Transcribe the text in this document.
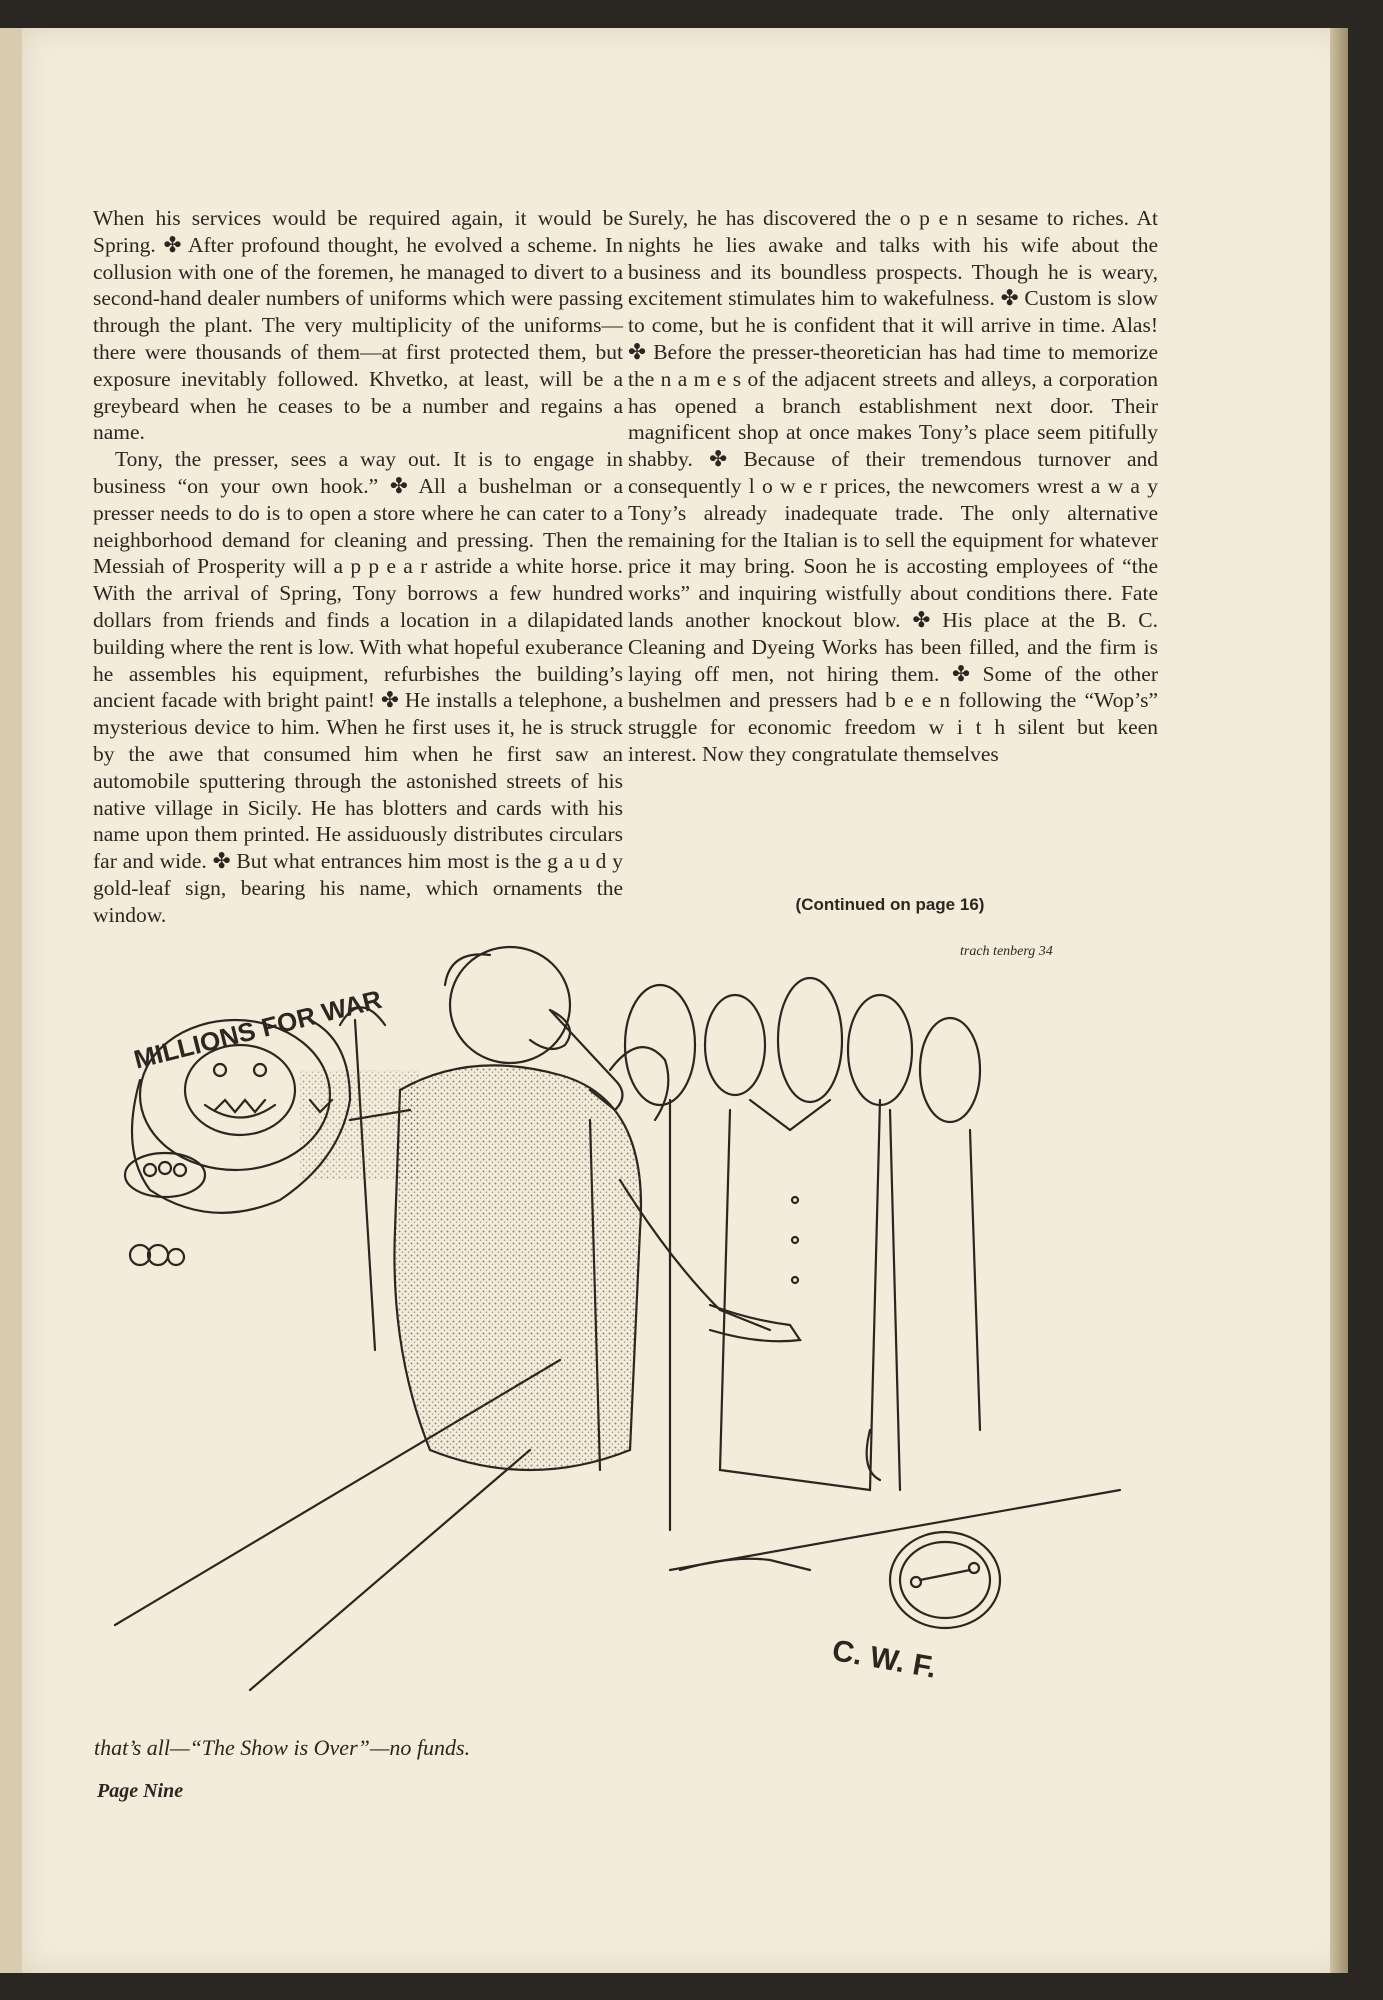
When his services would be required again, it would be Spring. ✤ After profound thought, he evolved a scheme. In collusion with one of the foremen, he managed to divert to a second-hand dealer numbers of uniforms which were passing through the plant. The very multiplicity of the uniforms—there were thousands of them—at first protected them, but exposure inevitably followed. Khvetko, at least, will be a greybeard when he ceases to be a number and regains a name.

Tony, the presser, sees a way out. It is to engage in business “on your own hook.” ✤ All a bushelman or a presser needs to do is to open a store where he can cater to a neighborhood demand for cleaning and pressing. Then the Messiah of Prosperity will a p p e a r astride a white horse. With the arrival of Spring, Tony borrows a few hundred dollars from friends and finds a location in a dilapidated building where the rent is low. With what hopeful exuberance he assembles his equipment, refurbishes the building’s ancient facade with bright paint! ✤ He installs a telephone, a mysterious device to him. When he first uses it, he is struck by the awe that consumed him when he first saw an automobile sputtering through the astonished streets of his native village in Sicily. He has blotters and cards with his name upon them printed. He assiduously distributes circulars far and wide. ✤ But what entrances him most is the g a u d y gold-leaf sign, bearing his name, which ornaments the window.

Surely, he has discovered the o p e n sesame to riches. At nights he lies awake and talks with his wife about the business and its boundless prospects. Though he is weary, excitement stimulates him to wakefulness. ✤ Custom is slow to come, but he is confident that it will arrive in time. Alas! ✤ Before the presser-theoretician has had time to memorize the n a m e s of the adjacent streets and alleys, a corporation has opened a branch establishment next door. Their magnificent shop at once makes Tony’s place seem pitifully shabby. ✤ Because of their tremendous turnover and consequently l o w e r prices, the newcomers wrest a w a y Tony’s already inadequate trade. The only alternative remaining for the Italian is to sell the equipment for whatever price it may bring. Soon he is accosting employees of “the works” and inquiring wistfully about conditions there. Fate lands another knockout blow. ✤ His place at the B. C. Cleaning and Dyeing Works has been filled, and the firm is laying off men, not hiring them. ✤ Some of the other bushelmen and pressers had b e e n following the “Wop’s” struggle for economic freedom w i t h silent but keen interest. Now they congratulate themselves

(Continued on page 16)
MILLIONS FOR WAR
C. W. F.
trach tenberg 34
that’s all—“The Show is Over”—no funds.
Page Nine
